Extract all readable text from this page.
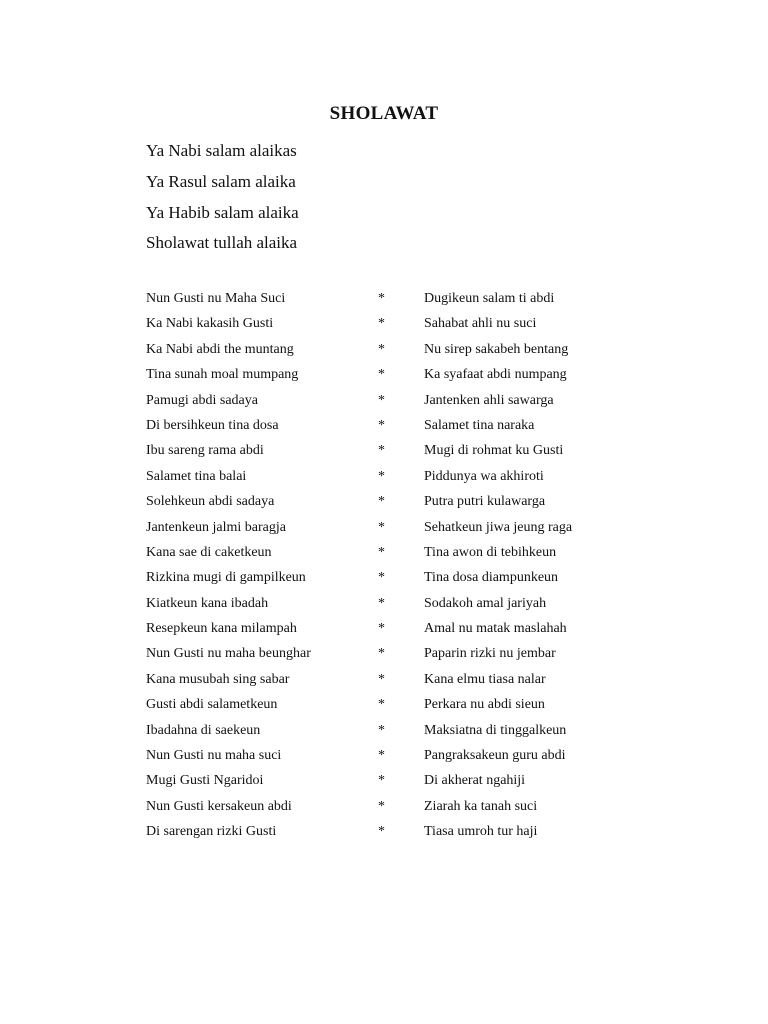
SHOLAWAT
Ya Nabi salam alaikas
Ya Rasul salam alaika
Ya Habib salam alaika
Sholawat tullah alaika
Nun Gusti nu Maha Suci	*	Dugikeun salam ti abdi
Ka Nabi kakasih Gusti	*	Sahabat ahli nu suci
Ka Nabi abdi the muntang	*	Nu sirep sakabeh bentang
Tina sunah moal mumpang	*	Ka syafaat abdi numpang
Pamugi abdi sadaya	*	Jantenken ahli sawarga
Di bersihkeun tina dosa	*	Salamet tina naraka
Ibu sareng rama abdi	*	Mugi di rohmat ku Gusti
Salamet tina balai	*	Piddunya wa akhiroti
Solehkeun abdi sadaya	*	Putra putri kulawarga
Jantenkeun jalmi baragja	*	Sehatkeun jiwa jeung raga
Kana sae di caketkeun	*	Tina awon di tebihkeun
Rizkina mugi di gampilkeun	*	Tina dosa diampunkeun
Kiatkeun kana ibadah	*	Sodakoh amal jariyah
Resepkeun kana milampah	*	Amal nu matak maslahah
Nun Gusti nu maha beunghar	*	Paparin rizki nu jembar
Kana musubah sing sabar	*	Kana elmu tiasa nalar
Gusti abdi salametkeun	*	Perkara nu abdi sieun
Ibadahna di saekeun	*	Maksiatna di tinggalkeun
Nun Gusti nu maha suci	*	Pangraksakeun guru abdi
Mugi Gusti Ngaridoi	*	Di akherat ngahiji
Nun Gusti kersakeun abdi	*	Ziarah ka tanah suci
Di sarengan rizki Gusti	*	Tiasa umroh tur haji
